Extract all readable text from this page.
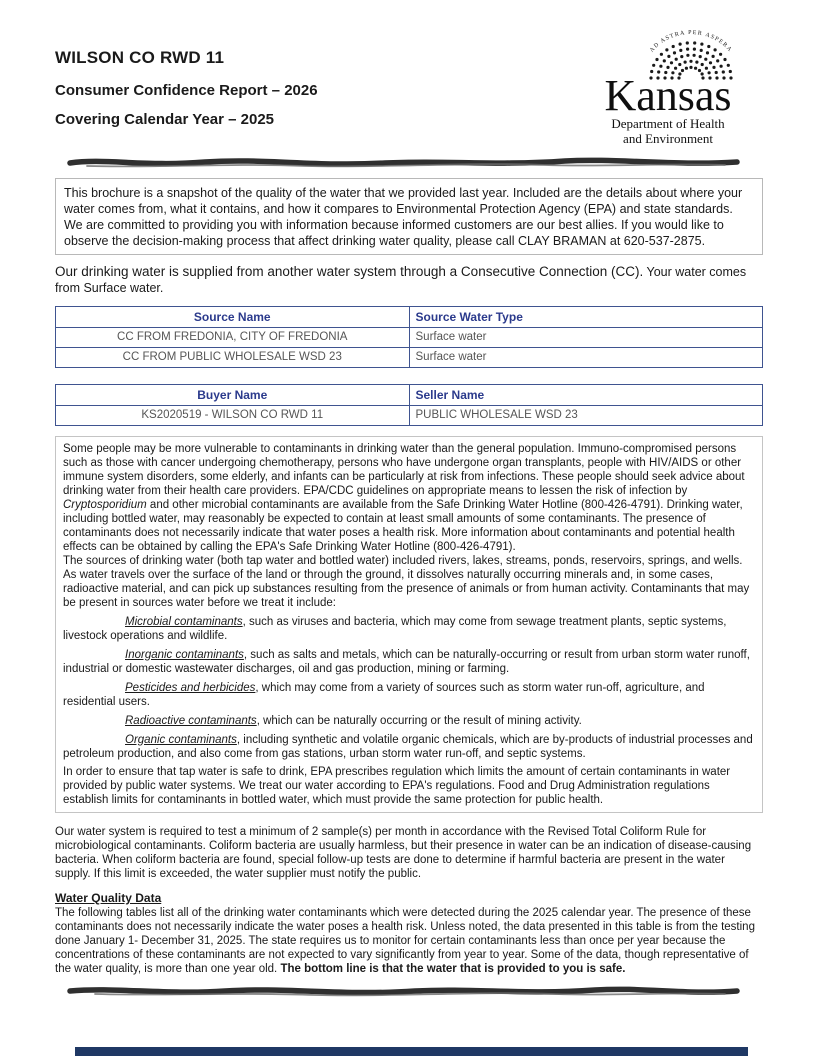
WILSON CO RWD 11
Consumer Confidence Report – 2026
Covering Calendar Year – 2025
AD ASTRA PER ASPERA
Kansas
Department of Health
and Environment

This brochure is a snapshot of the quality of the water that we provided last year. Included are the details about where your water comes from, what it contains, and how it compares to Environmental Protection Agency (EPA) and state standards. We are committed to providing you with information because informed customers are our best allies. If you would like to observe the decision-making process that affect drinking water quality, please call CLAY BRAMAN at 620-537-2875.

Our drinking water is supplied from another water system through a Consecutive Connection (CC). Your water comes from Surface water.

Source Name	Source Water Type
CC FROM FREDONIA, CITY OF FREDONIA	Surface water
CC FROM PUBLIC WHOLESALE WSD 23	Surface water
Buyer Name	Seller Name
KS2020519 - WILSON CO RWD 11	PUBLIC WHOLESALE WSD 23

Some people may be more vulnerable to contaminants in drinking water than the general population. Immuno-compromised persons such as those with cancer undergoing chemotherapy, persons who have undergone organ transplants, people with HIV/AIDS or other immune system disorders, some elderly, and infants can be particularly at risk from infections. These people should seek advice about drinking water from their health care providers. EPA/CDC guidelines on appropriate means to lessen the risk of infection by Cryptosporidium and other microbial contaminants are available from the Safe Drinking Water Hotline (800-426-4791). Drinking water, including bottled water, may reasonably be expected to contain at least small amounts of some contaminants. The presence of contaminants does not necessarily indicate that water poses a health risk. More information about contaminants and potential health effects can be obtained by calling the EPA's Safe Drinking Water Hotline (800-426-4791).

The sources of drinking water (both tap water and bottled water) included rivers, lakes, streams, ponds, reservoirs, springs, and wells. As water travels over the surface of the land or through the ground, it dissolves naturally occurring minerals and, in some cases, radioactive material, and can pick up substances resulting from the presence of animals or from human activity. Contaminants that may be present in sources water before we treat it include:

Microbial contaminants, such as viruses and bacteria, which may come from sewage treatment plants, septic systems, livestock operations and wildlife.

Inorganic contaminants, such as salts and metals, which can be naturally-occurring or result from urban storm water runoff, industrial or domestic wastewater discharges, oil and gas production, mining or farming.

Pesticides and herbicides, which may come from a variety of sources such as storm water run-off, agriculture, and residential users.

Radioactive contaminants, which can be naturally occurring or the result of mining activity.

Organic contaminants, including synthetic and volatile organic chemicals, which are by-products of industrial processes and petroleum production, and also come from gas stations, urban storm water run-off, and septic systems.

In order to ensure that tap water is safe to drink, EPA prescribes regulation which limits the amount of certain contaminants in water provided by public water systems. We treat our water according to EPA's regulations. Food and Drug Administration regulations establish limits for contaminants in bottled water, which must provide the same protection for public health.

Our water system is required to test a minimum of 2 sample(s) per month in accordance with the Revised Total Coliform Rule for microbiological contaminants. Coliform bacteria are usually harmless, but their presence in water can be an indication of disease-causing bacteria. When coliform bacteria are found, special follow-up tests are done to determine if harmful bacteria are present in the water supply. If this limit is exceeded, the water supplier must notify the public.

Water Quality Data

The following tables list all of the drinking water contaminants which were detected during the 2025 calendar year. The presence of these contaminants does not necessarily indicate the water poses a health risk. Unless noted, the data presented in this table is from the testing done January 1- December 31, 2025. The state requires us to monitor for certain contaminants less than once per year because the concentrations of these contaminants are not expected to vary significantly from year to year. Some of the data, though representative of the water quality, is more than one year old. The bottom line is that the water that is provided to you is safe.
